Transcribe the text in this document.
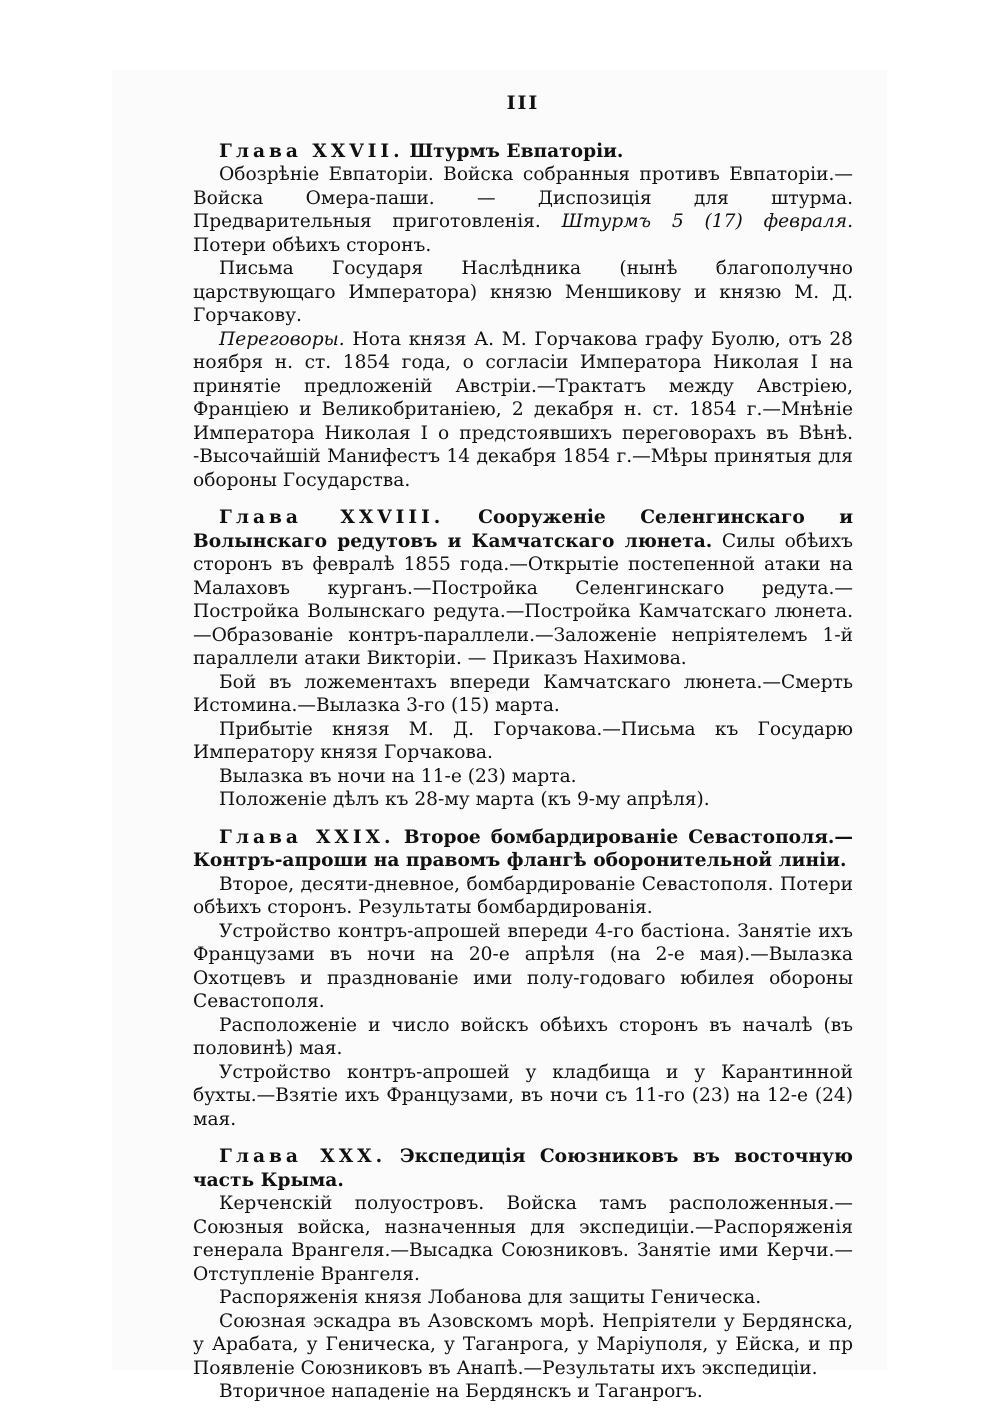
III

Глава XXVII. Штурмъ Евпаторіи.

Обозрѣніе Евпаторіи. Войска собранныя противъ Евпаторіи.—Войска Омера-паши. — Диспозиція для штурма. Предварительныя приготовленія. Штурмъ 5 (17) февраля. Потери обѣихъ сторонъ.

Письма Государя Наслѣдника (нынѣ благополучно царствующаго Императора) князю Меншикову и князю М. Д. Горчакову.

Переговоры. Нота князя А. М. Горчакова графу Буолю, отъ 28 ноября н. ст. 1854 года, о согласіи Императора Николая I на принятіе предложеній Австріи.—Трактатъ между Австріею, Франціею и Великобританіею, 2 декабря н. ст. 1854 г.—Мнѣніе Императора Николая I о предстоявшихъ переговорахъ въ Вѣнѣ. -Высочайшій Манифестъ 14 декабря 1854 г.—Мѣры принятыя для обороны Государства.

Глава XXVIII. Сооруженіе Селенгинскаго и Волынскаго редутовъ и Камчатскаго люнета. Силы обѣихъ сторонъ въ февралѣ 1855 года.—Открытіе постепенной атаки на Малаховъ курганъ.—Постройка Селенгинскаго редута.—Постройка Волынскаго редута.—Постройка Камчатскаго люнета.—Образованіе контръ-параллели.—Заложеніе непріятелемъ 1-й параллели атаки Викторіи. — Приказъ Нахимова.

Бой въ ложементахъ впереди Камчатскаго люнета.—Смерть Истомина.—Вылазка 3-го (15) марта.

Прибытіе князя М. Д. Горчакова.—Письма къ Государю Императору князя Горчакова.

Вылазка въ ночи на 11-е (23) марта.

Положеніе дѣлъ къ 28-му марта (къ 9-му апрѣля).

Глава XXIX. Второе бомбардированіе Севастополя.—Контръ-апроши на правомъ флангѣ оборонительной линіи.

Второе, десяти-дневное, бомбардированіе Севастополя. Потери обѣихъ сторонъ. Результаты бомбардированія.

Устройство контръ-апрошей впереди 4-го бастіона. Занятіе ихъ Французами въ ночи на 20-е апрѣля (на 2-е мая).—Вылазка Охотцевъ и празднованіе ими полу-годоваго юбилея обороны Севастополя.

Расположеніе и число войскъ обѣихъ сторонъ въ началѣ (въ половинѣ) мая.

Устройство контръ-апрошей у кладбища и у Карантинной бухты.—Взятіе ихъ Французами, въ ночи съ 11-го (23) на 12-е (24) мая.

Глава XXX. Экспедиція Союзниковъ въ восточную часть Крыма.

Керченскій полуостровъ. Войска тамъ расположенныя.—Союзныя войска, назначенныя для экспедиціи.—Распоряженія генерала Врангеля.—Высадка Союзниковъ. Занятіе ими Керчи.—Отступленіе Врангеля.

Распоряженія князя Лобанова для защиты Геническа.

Союзная эскадра въ Азовскомъ морѣ. Непріятели у Бердянска, у Арабата, у Геническа, у Таганрога, у Маріуполя, у Ейска, и пр Появленіе Союзниковъ въ Анапѣ.—Результаты ихъ экспедиціи.

Вторичное нападеніе на Бердянскъ и Таганрогъ.
